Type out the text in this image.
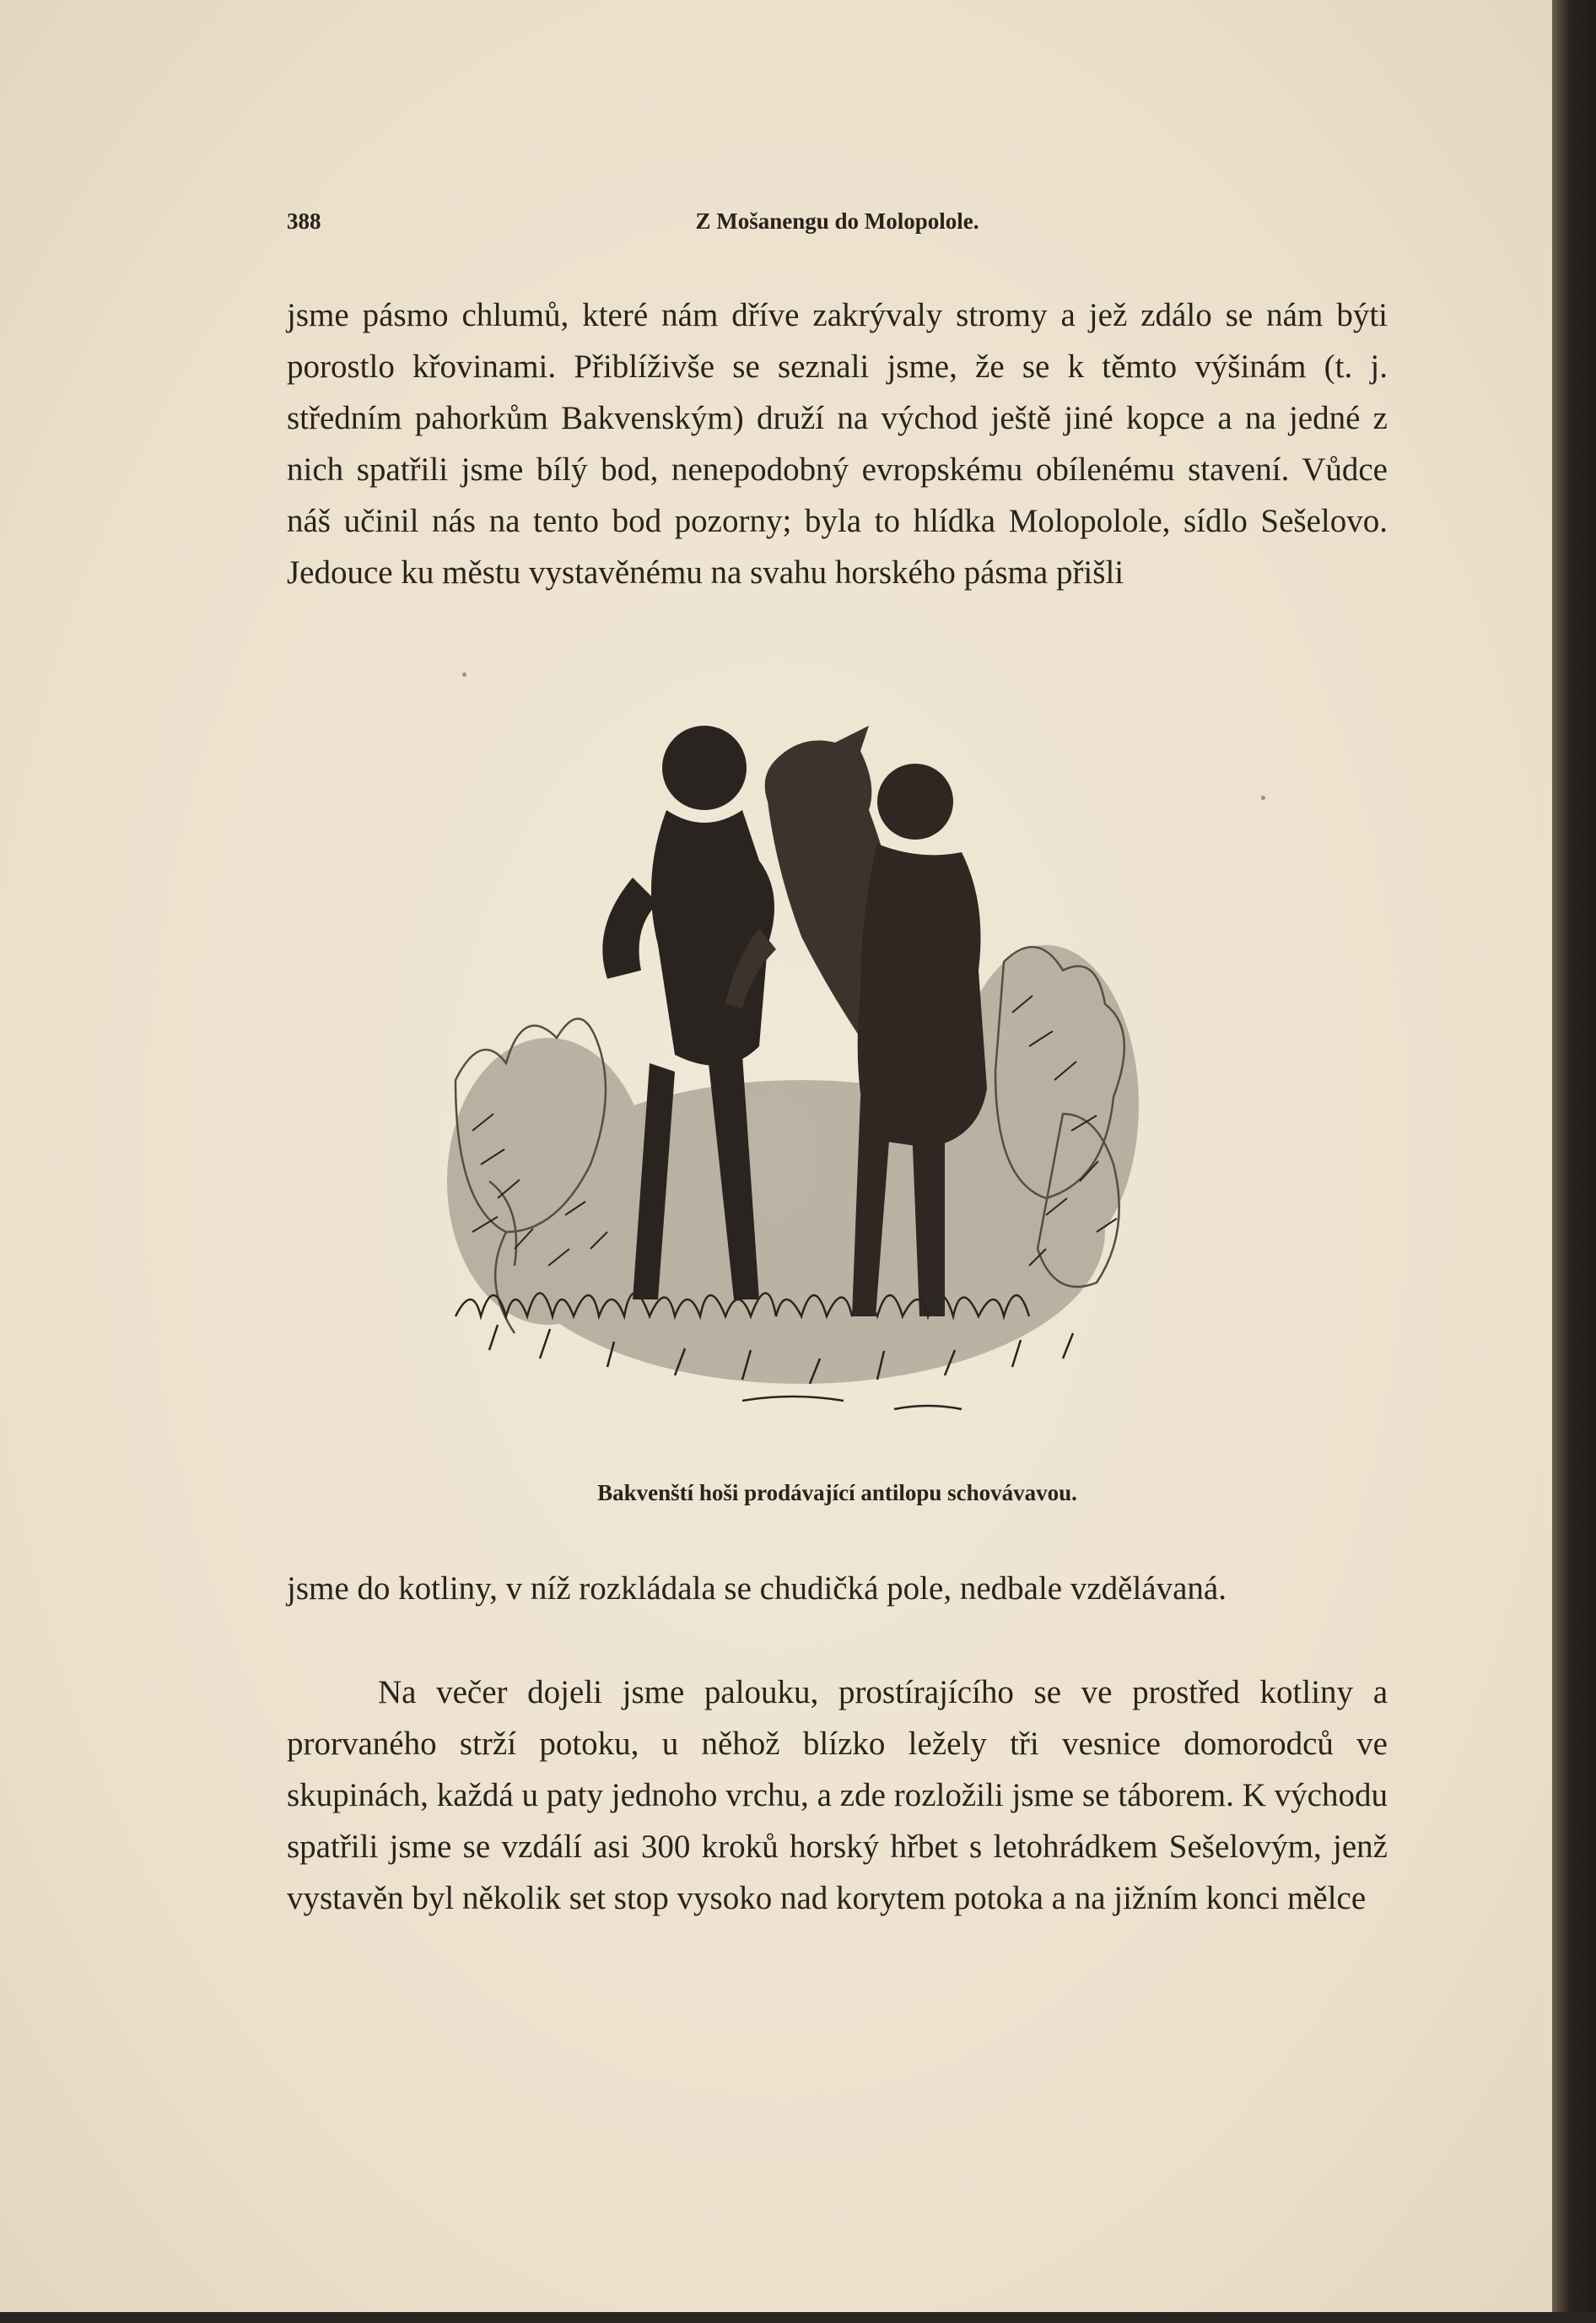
388	Z Mošanengu do Molopolole.

jsme pásmo chlumů, které nám dříve zakrývaly stromy a jež zdálo se nám býti porostlo křovinami. Přiblíživše se seznali jsme, že se k těmto výšinám (t. j. středním pahorkům Bakvenským) druží na východ ještě jiné kopce a na jedné z nich spatřili jsme bílý bod, nenepodobný evropskému obílenému stavení. Vůdce náš učinil nás na tento bod pozorny; byla to hlídka Molopolole, sídlo Sešelovo. Jedouce ku městu vystavěnému na svahu horského pásma přišli

Bakvenští hoši prodávající antilopu schovávavou.

jsme do kotliny, v níž rozkládala se chudičká pole, nedbale vzdělávaná.

Na večer dojeli jsme palouku, prostírajícího se ve prostřed kotliny a prorvaného strží potoku, u něhož blízko ležely tři vesnice domorodců ve skupinách, každá u paty jednoho vrchu, a zde rozložili jsme se táborem. K východu spatřili jsme se vzdálí asi 300 kroků horský hřbet s letohrádkem Sešelovým, jenž vystavěn byl několik set stop vysoko nad korytem potoka a na jižním konci mělce
